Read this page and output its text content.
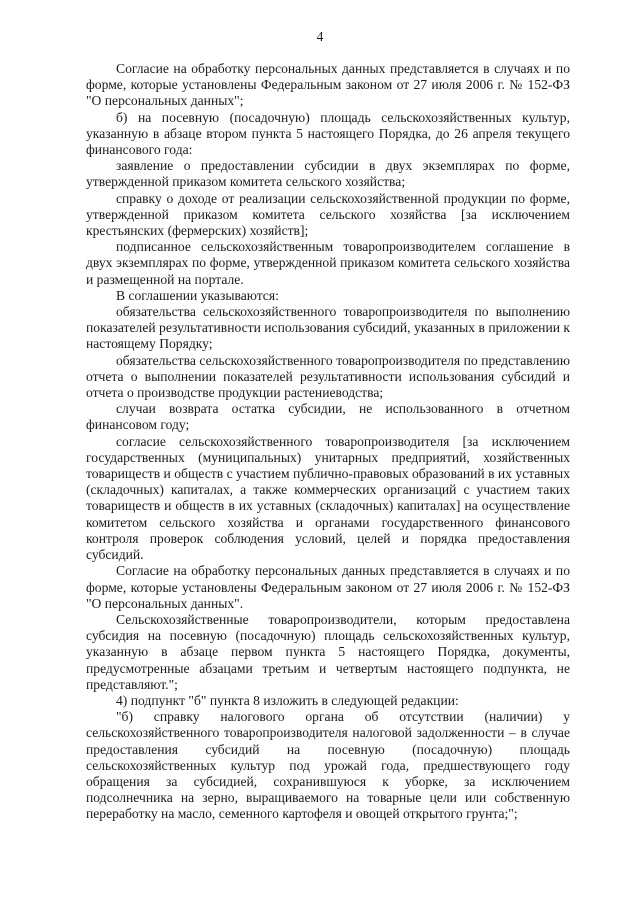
4

Согласие на обработку персональных данных представляется в случаях и по форме, которые установлены Федеральным законом от 27 июля 2006 г. № 152-ФЗ "О персональных данных";

б) на посевную (посадочную) площадь сельскохозяйственных культур, указанную в абзаце втором пункта 5 настоящего Порядка, до 26 апреля текущего финансового года:

заявление о предоставлении субсидии в двух экземплярах по форме, утвержденной приказом комитета сельского хозяйства;

справку о доходе от реализации сельскохозяйственной продукции по форме, утвержденной приказом комитета сельского хозяйства [за исключением крестьянских (фермерских) хозяйств];

подписанное сельскохозяйственным товаропроизводителем соглашение в двух экземплярах по форме, утвержденной приказом комитета сельского хозяйства и размещенной на портале.

В соглашении указываются:

обязательства сельскохозяйственного товаропроизводителя по выполнению показателей результативности использования субсидий, указанных в приложении к настоящему Порядку;

обязательства сельскохозяйственного товаропроизводителя по представлению отчета о выполнении показателей результативности использования субсидий и отчета о производстве продукции растениеводства;

случаи возврата остатка субсидии, не использованного в отчетном финансовом году;

согласие сельскохозяйственного товаропроизводителя [за исключением государственных (муниципальных) унитарных предприятий, хозяйственных товариществ и обществ с участием публично-правовых образований в их уставных (складочных) капиталах, а также коммерческих организаций с участием таких товариществ и обществ в их уставных (складочных) капиталах] на осуществление комитетом сельского хозяйства и органами государственного финансового контроля проверок соблюдения условий, целей и порядка предоставления субсидий.

Согласие на обработку персональных данных представляется в случаях и по форме, которые установлены Федеральным законом от 27 июля 2006 г. № 152-ФЗ "О персональных данных".

Сельскохозяйственные товаропроизводители, которым предоставлена субсидия на посевную (посадочную) площадь сельскохозяйственных культур, указанную в абзаце первом пункта 5 настоящего Порядка, документы, предусмотренные абзацами третьим и четвертым настоящего подпункта, не представляют.";

4) подпункт "б" пункта 8 изложить в следующей редакции:

"б) справку налогового органа об отсутствии (наличии) у сельскохозяйственного товаропроизводителя налоговой задолженности – в случае предоставления субсидий на посевную (посадочную) площадь сельскохозяйственных культур под урожай года, предшествующего году обращения за субсидией, сохранившуюся к уборке, за исключением подсолнечника на зерно, выращиваемого на товарные цели или собственную переработку на масло, семенного картофеля и овощей открытого грунта;";
